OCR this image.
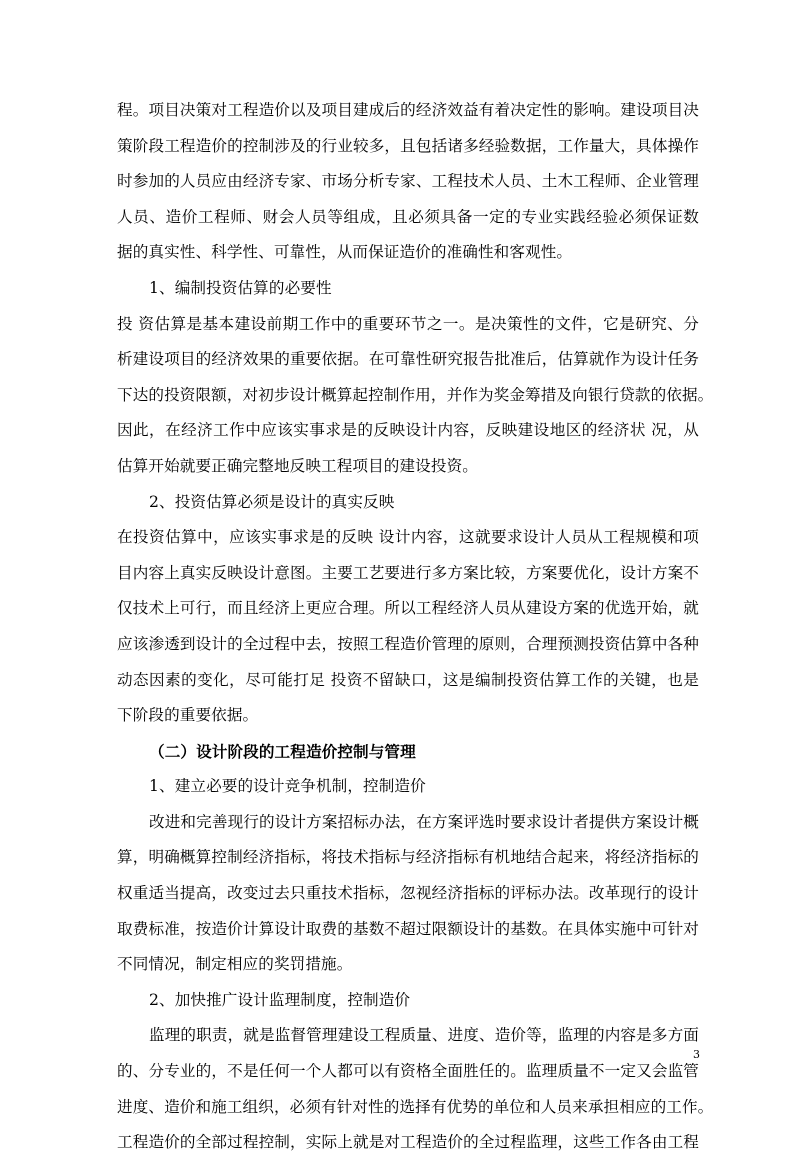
程。项目决策对工程造价以及项目建成后的经济效益有着决定性的影响。建设项目决
策阶段工程造价的控制涉及的行业较多，且包括诸多经验数据，工作量大，具体操作
时参加的人员应由经济专家、市场分析专家、工程技术人员、土木工程师、企业管理
人员、造价工程师、财会人员等组成，且必须具备一定的专业实践经验必须保证数
据的真实性、科学性、可靠性，从而保证造价的准确性和客观性。
1、编制投资估算的必要性
投 资估算是基本建设前期工作中的重要环节之一。是决策性的文件，它是研究、分
析建设项目的经济效果的重要依据。在可靠性研究报告批准后，估算就作为设计任务
下达的投资限额，对初步设计概算起控制作用，并作为奖金筹措及向银行贷款的依据。
因此，在经济工作中应该实事求是的反映设计内容，反映建设地区的经济状 况，从
估算开始就要正确完整地反映工程项目的建设投资。
2、投资估算必须是设计的真实反映
在投资估算中，应该实事求是的反映 设计内容，这就要求设计人员从工程规模和项
目内容上真实反映设计意图。主要工艺要进行多方案比较，方案要优化，设计方案不
仅技术上可行，而且经济上更应合理。所以工程经济人员从建设方案的优选开始，就
应该渗透到设计的全过程中去，按照工程造价管理的原则，合理预测投资估算中各种
动态因素的变化，尽可能打足 投资不留缺口，这是编制投资估算工作的关键，也是
下阶段的重要依据。
（二）设计阶段的工程造价控制与管理
1、建立必要的设计竞争机制，控制造价
改进和完善现行的设计方案招标办法，在方案评选时要求设计者提供方案设计概
算，明确概算控制经济指标，将技术指标与经济指标有机地结合起来，将经济指标的
权重适当提高，改变过去只重技术指标，忽视经济指标的评标办法。改革现行的设计
取费标准，按造价计算设计取费的基数不超过限额设计的基数。在具体实施中可针对
不同情况，制定相应的奖罚措施。
2、加快推广设计监理制度，控制造价
监理的职责，就是监督管理建设工程质量、进度、造价等，监理的内容是多方面
的、分专业的，不是任何一个人都可以有资格全面胜任的。监理质量不一定又会监管
进度、造价和施工组织，必须有针对性的选择有优势的单位和人员来承担相应的工作。
工程造价的全部过程控制，实际上就是对工程造价的全过程监理，这些工作各由工程
3
